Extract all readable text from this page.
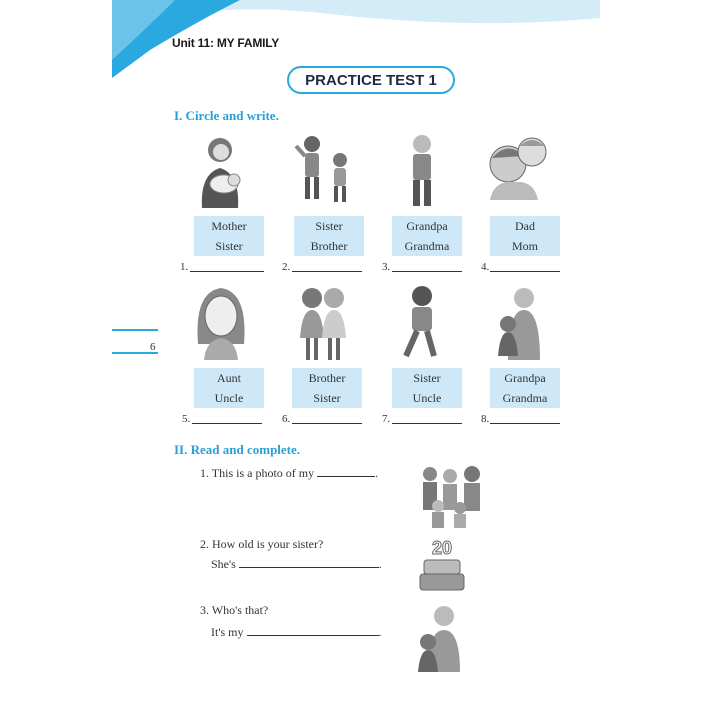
Unit 11: MY FAMILY
PRACTICE TEST 1
I. Circle and write.
Mother
Sister
Sister
Brother
Grandpa
Grandma
Dad
Mom
1.	2.	3.	4.
Aunt
Uncle
Brother
Sister
Sister
Uncle
Grandpa
Grandma
5.	6.	7.	8.
6
II. Read and complete.
1. This is a photo of my	.
2. How old is your sister?
She's	.
20
3. Who's that?
It's my	.
